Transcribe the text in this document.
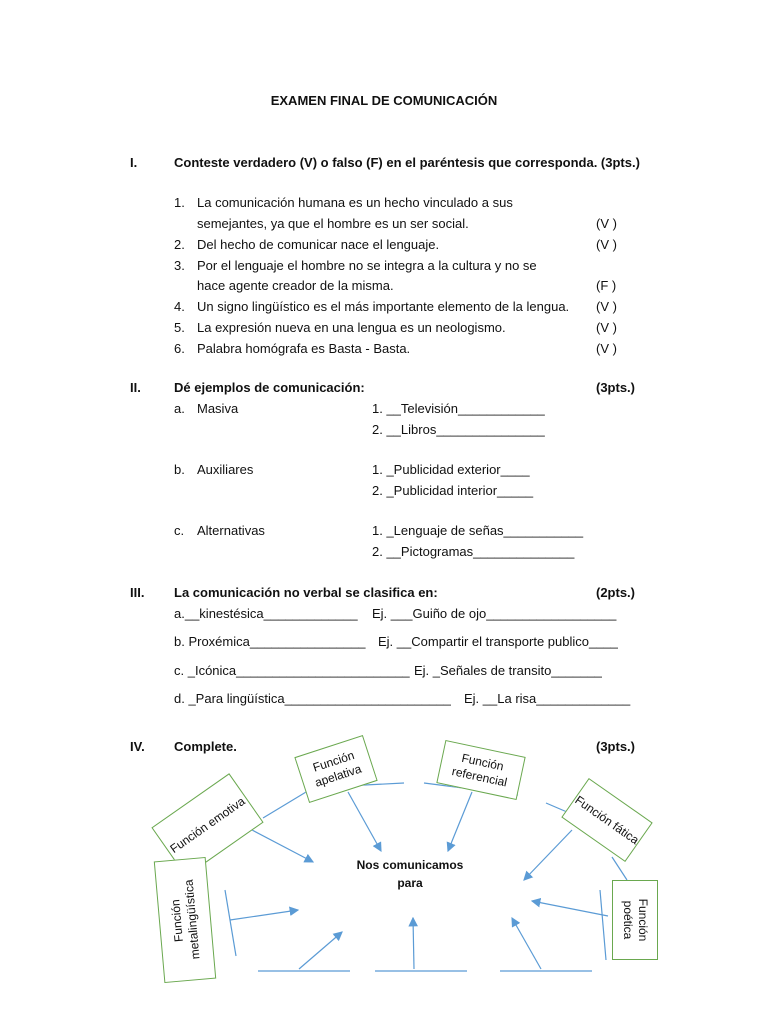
EXAMEN FINAL DE COMUNICACIÓN
I.	Conteste verdadero (V) o falso (F) en el paréntesis que corresponda. (3pts.)
1. La comunicación humana es un hecho vinculado a sus
semejantes, ya que el hombre es un ser social.	(V )
2. Del hecho de comunicar nace el lenguaje.	(V )
3. Por el lenguaje el hombre no se integra a la cultura y no se
hace agente creador de la misma.	(F )
4. Un signo lingüístico es el más importante elemento de la lengua. (V )
5. La expresión nueva en una lengua es un neologismo.	(V )
6. Palabra homógrafa es Basta - Basta.	(V )
II.	Dé ejemplos de comunicación:	(3pts.)
a. Masiva	1. __Televisión____________
2. __Libros_______________
b. Auxiliares	1. _Publicidad exterior____
2. _Publicidad interior_____
c. Alternativas	1. _Lenguaje de señas___________
2. __Pictogramas______________
III. La comunicación no verbal se clasifica en:	(2pts.)
a.__kinestésica_____________ Ej. ___Guiño de ojo__________________
b. Proxémica________________ Ej. __Compartir el transporte publico____
c. _Icónica________________________ Ej. _Señales de transito_______
d. _Para lingüística_______________________ Ej. __La risa_____________
IV. Complete.	(3pts.)
Nos comunicamos para
Función emotiva
Función apelativa	Función referencial
Función fática
Función metalingüística	Función poética
